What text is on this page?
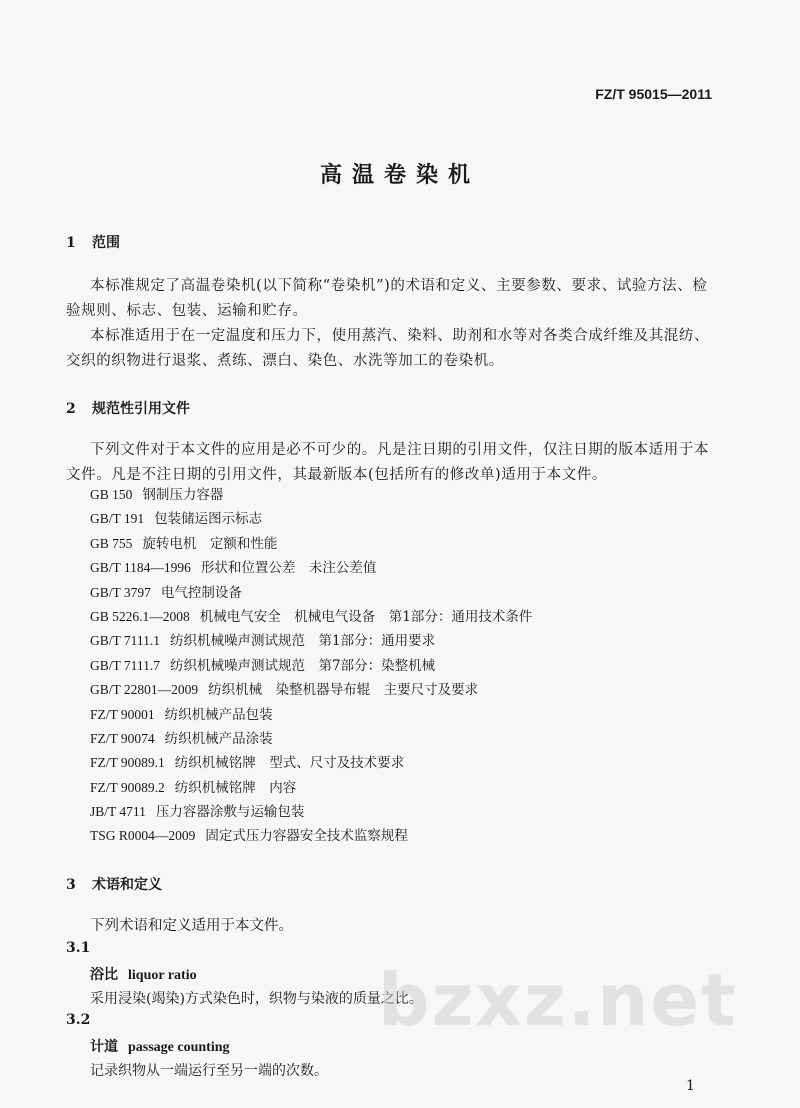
FZ/T 95015—2011
高温卷染机
1 范围
本标准规定了高温卷染机(以下简称“卷染机”)的术语和定义、主要参数、要求、试验方法、检验规则、标志、包装、运输和贮存。
本标准适用于在一定温度和压力下，使用蒸汽、染料、助剂和水等对各类合成纤维及其混纺、交织的织物进行退浆、煮练、漂白、染色、水洗等加工的卷染机。
2 规范性引用文件
下列文件对于本文件的应用是必不可少的。凡是注日期的引用文件，仅注日期的版本适用于本文件。凡是不注日期的引用文件，其最新版本(包括所有的修改单)适用于本文件。
GB 150 钢制压力容器
GB/T 191 包装储运图示标志
GB 755 旋转电机　定额和性能
GB/T 1184—1996 形状和位置公差　未注公差值
GB/T 3797 电气控制设备
GB 5226.1—2008 机械电气安全　机械电气设备　第1部分：通用技术条件
GB/T 7111.1 纺织机械噪声测试规范　第1部分：通用要求
GB/T 7111.7 纺织机械噪声测试规范　第7部分：染整机械
GB/T 22801—2009 纺织机械　染整机器导布辊　主要尺寸及要求
FZ/T 90001 纺织机械产品包装
FZ/T 90074 纺织机械产品涂装
FZ/T 90089.1 纺织机械铭牌　型式、尺寸及技术要求
FZ/T 90089.2 纺织机械铭牌　内容
JB/T 4711 压力容器涂敷与运输包装
TSG R0004—2009 固定式压力容器安全技术监察规程
3 术语和定义
下列术语和定义适用于本文件。
3.1
浴比 liquor ratio
采用浸染(竭染)方式染色时，织物与染液的质量之比。
3.2
计道 passage counting
记录织物从一端运行至另一端的次数。
bzxz.net
1
